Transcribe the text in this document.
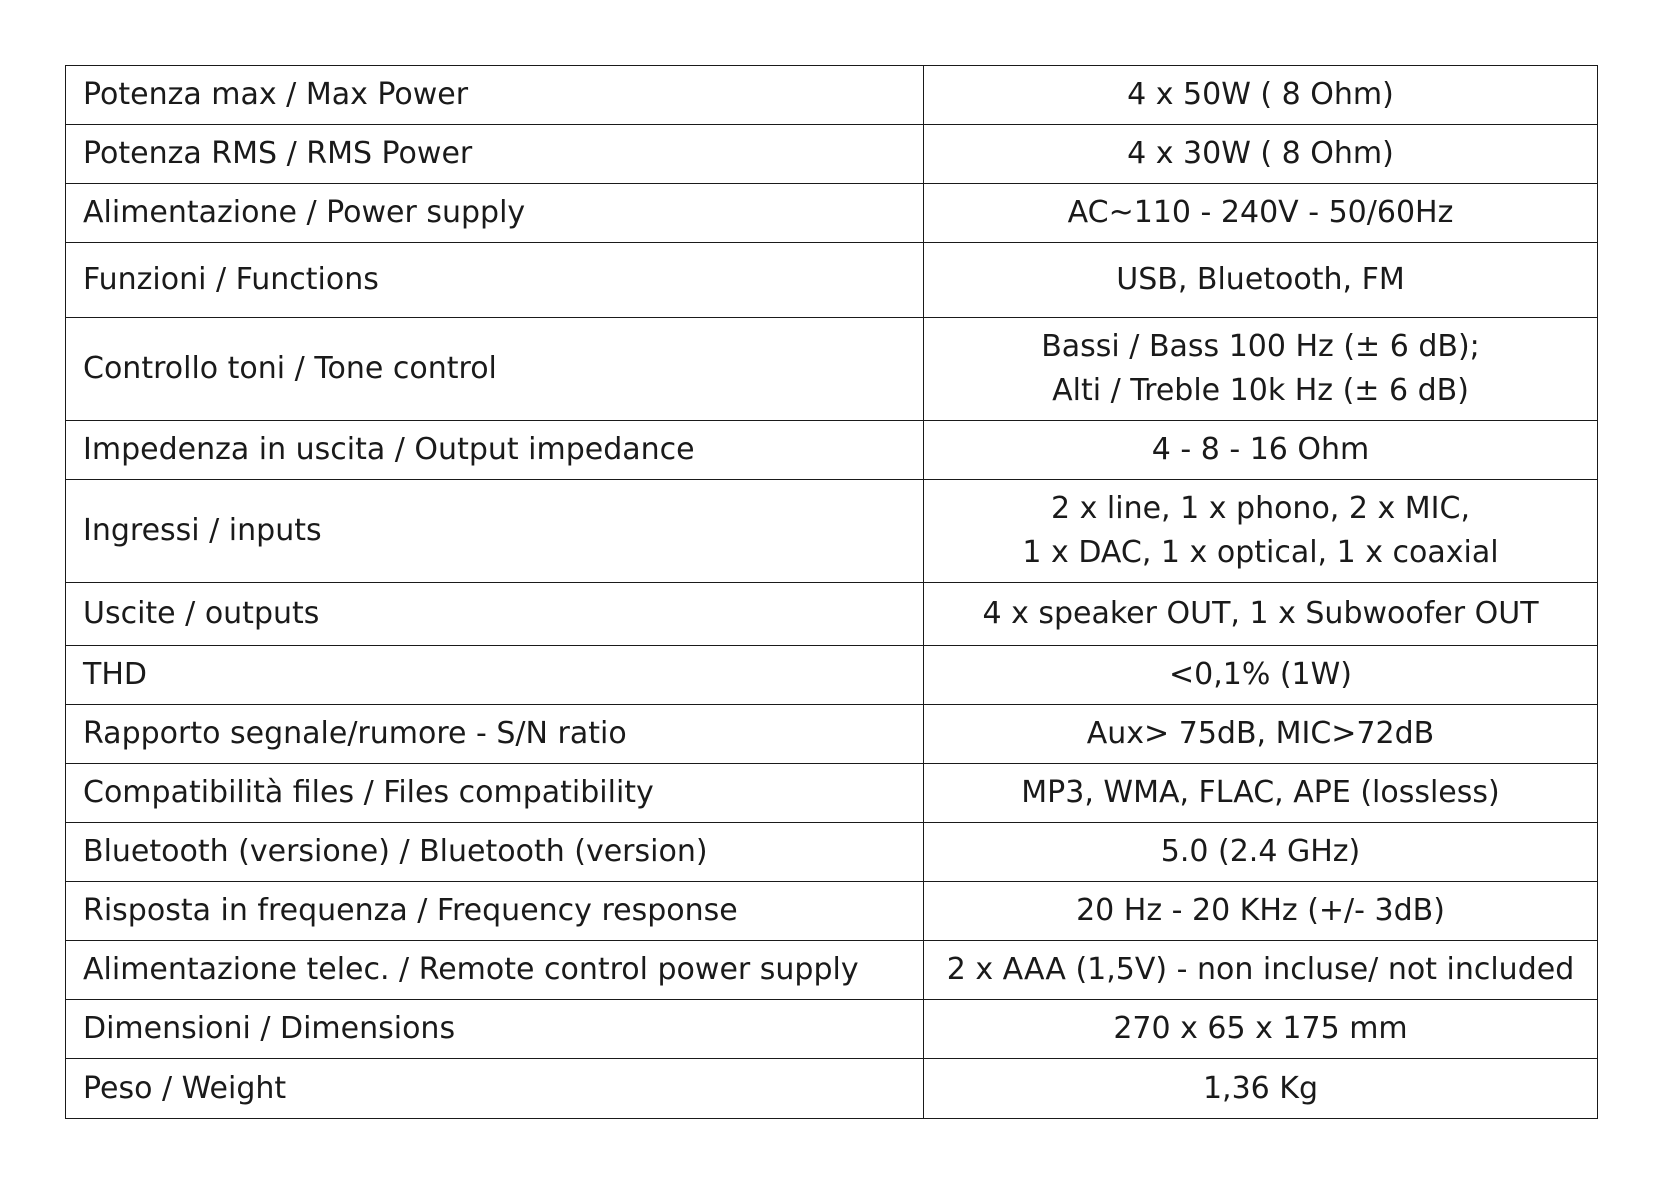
Potenza max / Max Power	4 x 50W ( 8 Ohm)

Potenza RMS / RMS Power	4 x 30W ( 8 Ohm)

Alimentazione / Power supply	AC~110 - 240V - 50/60Hz

Funzioni / Functions	USB, Bluetooth, FM

Controllo toni / Tone control	Bassi / Bass 100 Hz (± 6 dB);
Alti / Treble 10k Hz (± 6 dB)

Impedenza in uscita / Output impedance	4 - 8 - 16 Ohm

Ingressi / inputs	2 x line, 1 x phono, 2 x MIC,
1 x DAC, 1 x optical, 1 x coaxial

Uscite / outputs	4 x speaker OUT, 1 x Subwoofer OUT

THD	<0,1% (1W)

Rapporto segnale/rumore - S/N ratio	Aux> 75dB, MIC>72dB

Compatibilità files / Files compatibility	MP3, WMA, FLAC, APE (lossless)

Bluetooth (versione) / Bluetooth (version)	5.0 (2.4 GHz)

Risposta in frequenza / Frequency response	20 Hz - 20 KHz (+/- 3dB)

Alimentazione telec. / Remote control power supply	2 x AAA (1,5V) - non incluse/ not included

Dimensioni / Dimensions	270 x 65 x 175 mm

Peso / Weight	1,36 Kg
